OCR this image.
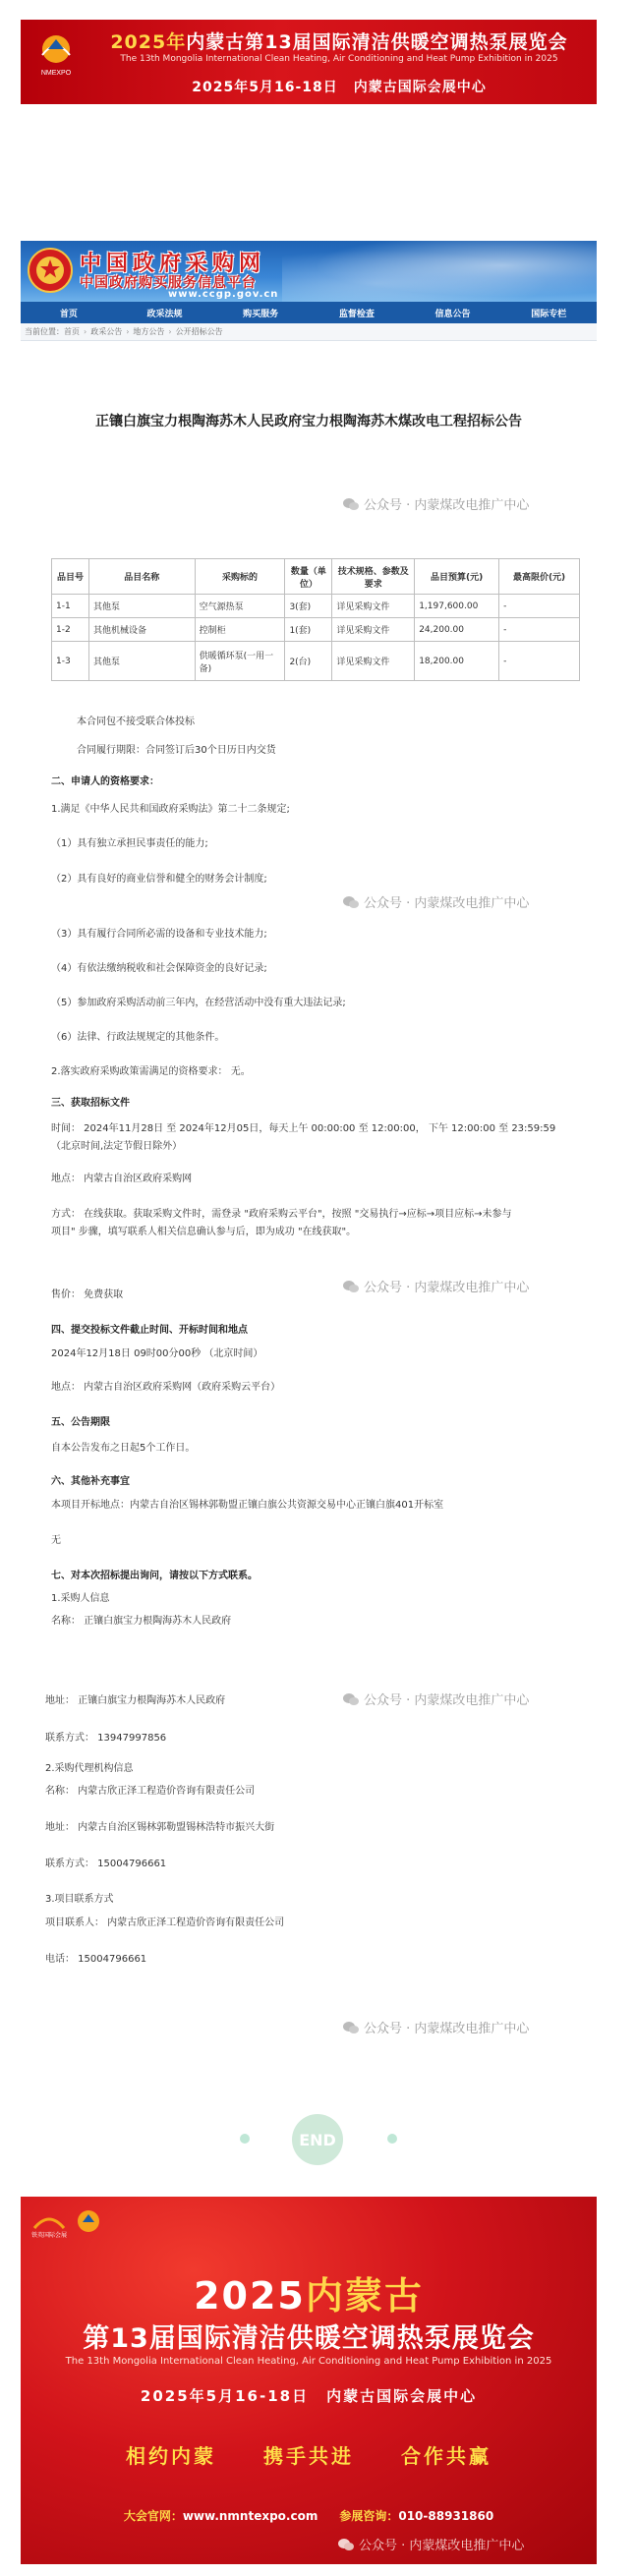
NMEXPO
2025年内蒙古第13届国际清洁供暖空调热泵展览会
The 13th Mongolia International Clean Heating, Air Conditioning and Heat Pump Exhibition in 2025
2025年5月16-18日 内蒙古国际会展中心
中国政府采购网
中国政府购买服务信息平台
www.ccgp.gov.cn
首页	政采法规	购买服务	监督检查	信息公告	国际专栏
当前位置： 首页 › 政采公告 › 地方公告 › 公开招标公告
正镶白旗宝力根陶海苏木人民政府宝力根陶海苏木煤改电工程招标公告
公众号 · 内蒙煤改电推广中心
公众号 · 内蒙煤改电推广中心
公众号 · 内蒙煤改电推广中心
公众号 · 内蒙煤改电推广中心
公众号 · 内蒙煤改电推广中心
品目号	品目名称	采购标的	数量（单位）	技术规格、参数及要求	品目预算(元)	最高限价(元)
1-1	其他泵	空气源热泵	3(套)	详见采购文件	1,197,600.00	-
1-2	其他机械设备	控制柜	1(套)	详见采购文件	24,200.00	-
1-3	其他泵	供暖循环泵(一用一备)	2(台)	详见采购文件	18,200.00	-
本合同包不接受联合体投标
合同履行期限：合同签订后30个日历日内交货
二、申请人的资格要求：
1.满足《中华人民共和国政府采购法》第二十二条规定;
（1）具有独立承担民事责任的能力;
（2）具有良好的商业信誉和健全的财务会计制度;
（3）具有履行合同所必需的设备和专业技术能力;
（4）有依法缴纳税收和社会保障资金的良好记录;
（5）参加政府采购活动前三年内，在经营活动中没有重大违法记录;
（6）法律、行政法规规定的其他条件。
2.落实政府采购政策需满足的资格要求： 无。
三、获取招标文件
时间： 2024年11月28日 至 2024年12月05日，每天上午 00:00:00 至 12:00:00， 下午 12:00:00 至 23:59:59
（北京时间,法定节假日除外）
地点： 内蒙古自治区政府采购网
方式： 在线获取。获取采购文件时，需登录 "政府采购云平台"，按照 "交易执行→应标→项目应标→未参与
项目" 步骤，填写联系人相关信息确认参与后，即为成功 "在线获取"。
售价： 免费获取
四、提交投标文件截止时间、开标时间和地点
2024年12月18日 09时00分00秒 （北京时间）
地点： 内蒙古自治区政府采购网（政府采购云平台）
五、公告期限
自本公告发布之日起5个工作日。
六、其他补充事宜
本项目开标地点：内蒙古自治区锡林郭勒盟正镶白旗公共资源交易中心正镶白旗401开标室
无
七、对本次招标提出询问，请按以下方式联系。
1.采购人信息
名称： 正镶白旗宝力根陶海苏木人民政府
地址： 正镶白旗宝力根陶海苏木人民政府
联系方式： 13947997856
2.采购代理机构信息
名称： 内蒙古欣正泽工程造价咨询有限责任公司
地址： 内蒙古自治区锡林郭勒盟锡林浩特市振兴大街
联系方式： 15004796661
3.项目联系方式
项目联系人： 内蒙古欣正泽工程造价咨询有限责任公司
电话： 15004796661
END
铁英国际会展
2025内蒙古
第13届国际清洁供暖空调热泵展览会
The 13th Mongolia International Clean Heating, Air Conditioning and Heat Pump Exhibition in 2025
2025年5月16-18日 内蒙古国际会展中心
相约内蒙 携手共进 合作共赢
大会官网：www.nmntexpo.com 参展咨询：010-88931860
公众号 · 内蒙煤改电推广中心
